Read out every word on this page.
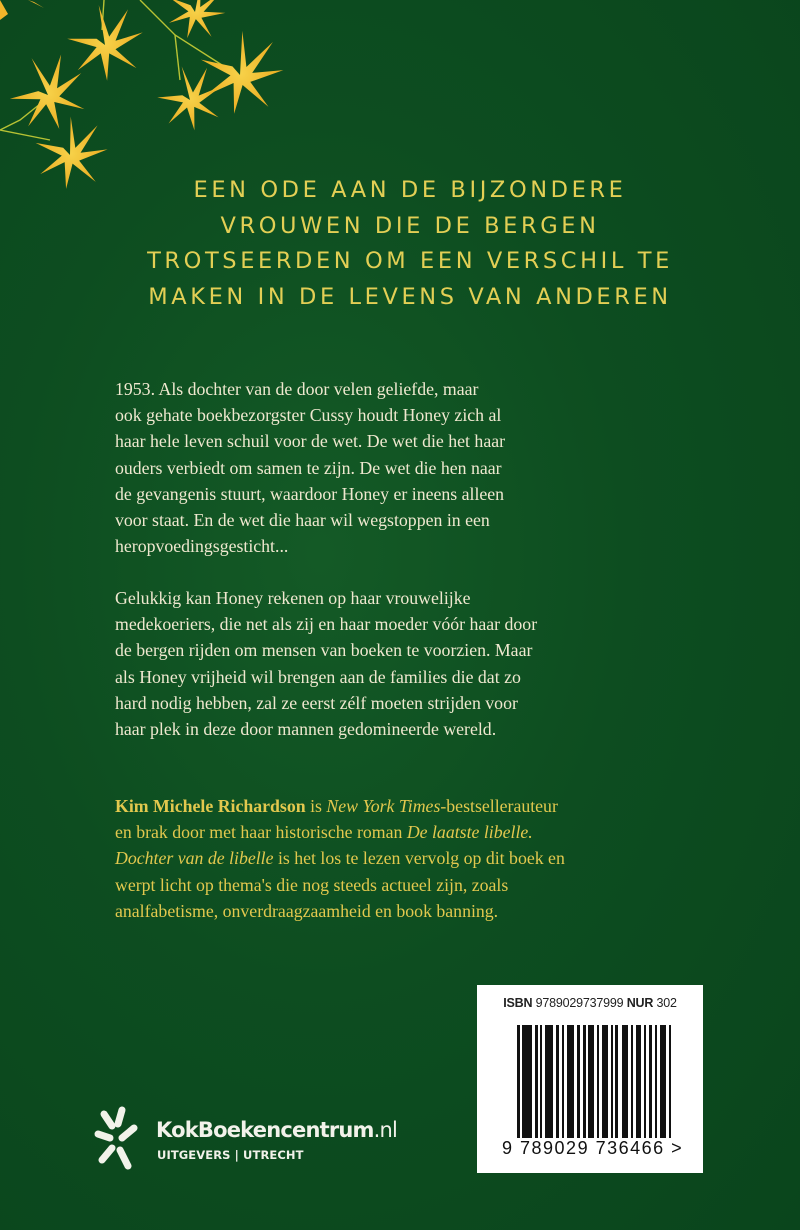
EEN ODE AAN DE BIJZONDERE
VROUWEN DIE DE BERGEN
TROTSEERDEN OM EEN VERSCHIL TE
MAKEN IN DE LEVENS VAN ANDEREN
1953. Als dochter van de door velen geliefde, maar
ook gehate boekbezorgster Cussy houdt Honey zich al
haar hele leven schuil voor de wet. De wet die het haar
ouders verbiedt om samen te zijn. De wet die hen naar
de gevangenis stuurt, waardoor Honey er ineens alleen
voor staat. En de wet die haar wil wegstoppen in een
heropvoedingsgesticht...
Gelukkig kan Honey rekenen op haar vrouwelijke
medekoeriers, die net als zij en haar moeder vóór haar door
de bergen rijden om mensen van boeken te voorzien. Maar
als Honey vrijheid wil brengen aan de families die dat zo
hard nodig hebben, zal ze eerst zélf moeten strijden voor
haar plek in deze door mannen gedomineerde wereld.
Kim Michele Richardson is New York Times-bestsellerauteur
en brak door met haar historische roman De laatste libelle.
Dochter van de libelle is het los te lezen vervolg op dit boek en
werpt licht op thema's die nog steeds actueel zijn, zoals
analfabetisme, onverdraagzaamheid en book banning.
ISBN 9789029737999 NUR 302
9 789029 736466 >
KokBoekencentrum.nl
UITGEVERS | UTRECHT
